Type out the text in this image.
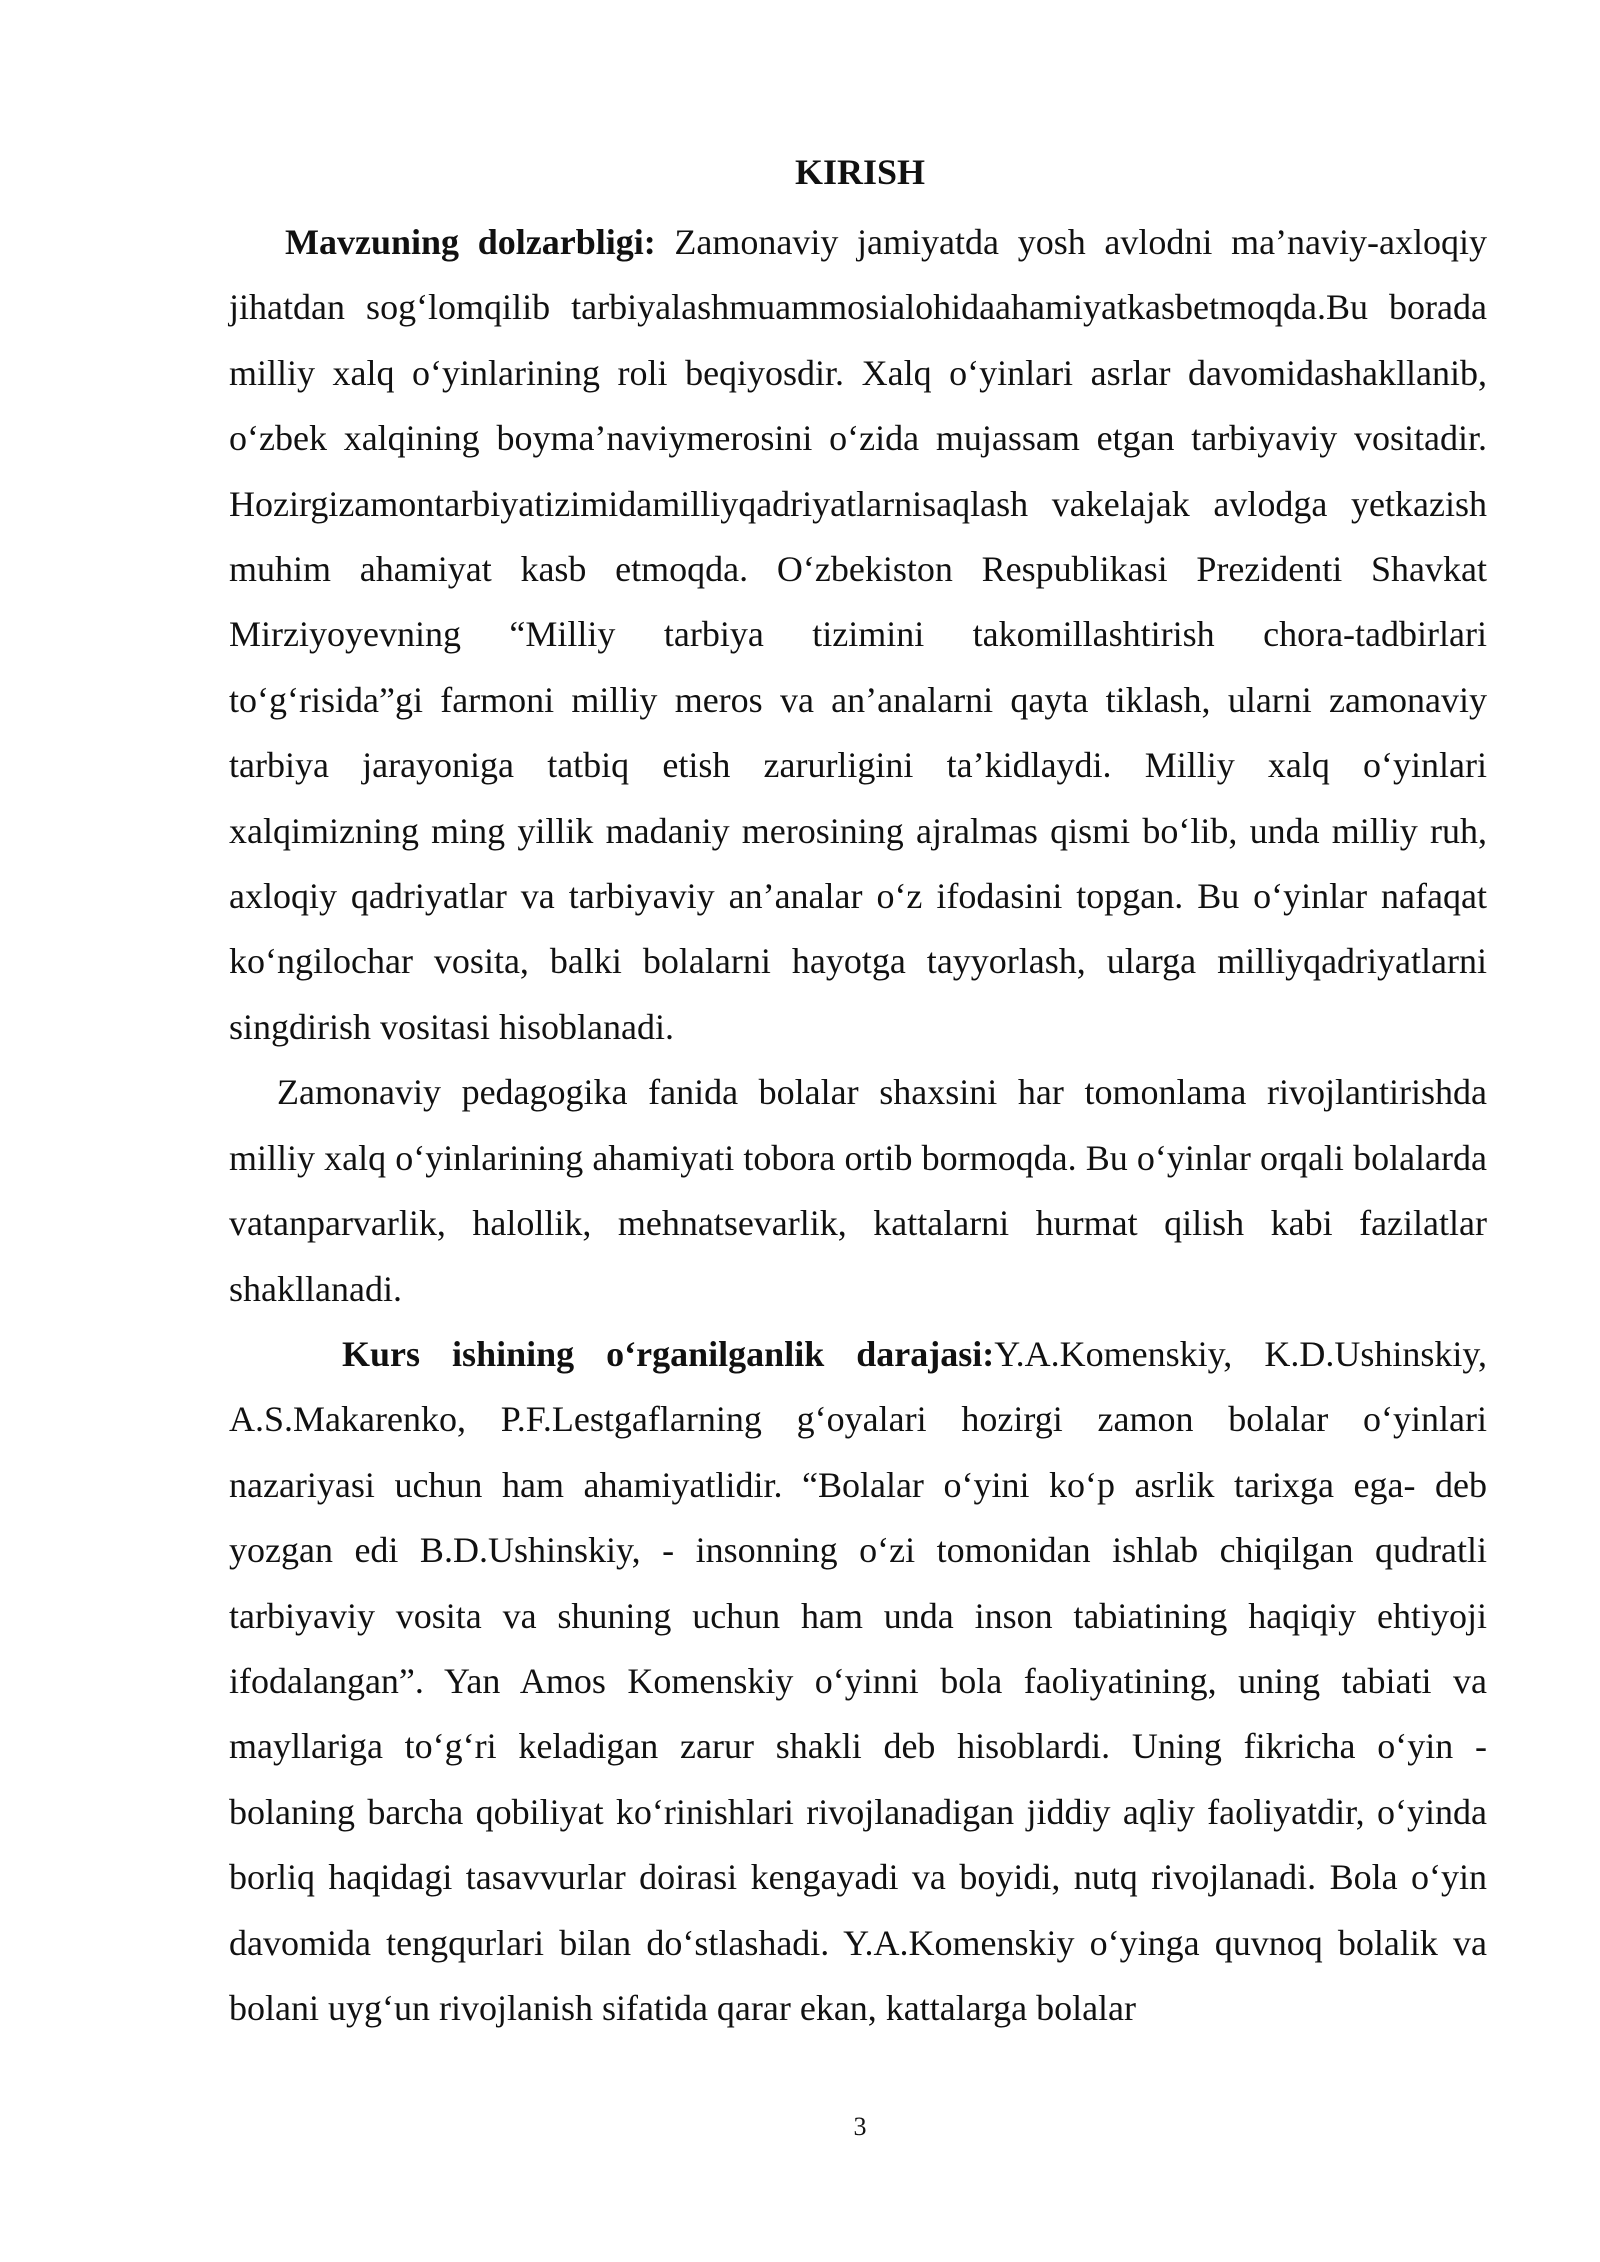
KIRISH

Mavzuning dolzarbligi: Zamonaviy jamiyatda yosh avlodni ma’naviy-axloqiy jihatdan sog‘lomqilib tarbiyalashmuammosialohidaahamiyatkasbetmoqda.Bu borada milliy xalq o‘yinlarining roli beqiyosdir. Xalq o‘yinlari asrlar davomidashakllanib, o‘zbek xalqining boyma’naviymerosini o‘zida mujassam etgan tarbiyaviy vositadir. Hozirgizamontarbiyatizimidamilliyqadriyatlarnisaqlash vakelajak avlodga yetkazish muhim ahamiyat kasb etmoqda. O‘zbekiston Respublikasi Prezidenti Shavkat Mirziyoyevning “Milliy tarbiya tizimini takomillashtirish chora-tadbirlari to‘g‘risida”gi farmoni milliy meros va an’analarni qayta tiklash, ularni zamonaviy tarbiya jarayoniga tatbiq etish zarurligini ta’kidlaydi. Milliy xalq o‘yinlari xalqimizning ming yillik madaniy merosining ajralmas qismi bo‘lib, unda milliy ruh, axloqiy qadriyatlar va tarbiyaviy an’analar o‘z ifodasini topgan. Bu o‘yinlar nafaqat ko‘ngilochar vosita, balki bolalarni hayotga tayyorlash, ularga milliyqadriyatlarni singdirish vositasi hisoblanadi.

Zamonaviy pedagogika fanida bolalar shaxsini har tomonlama rivojlantirishda milliy xalq o‘yinlarining ahamiyati tobora ortib bormoqda. Bu o‘yinlar orqali bolalarda vatanparvarlik, halollik, mehnatsevarlik, kattalarni hurmat qilish kabi fazilatlar shakllanadi.

Kurs ishining o‘rganilganlik darajasi:Y.A.Komenskiy, K.D.Ushinskiy, A.S.Makarenko, P.F.Lestgaflarning g‘oyalari hozirgi zamon bolalar o‘yinlari nazariyasi uchun ham ahamiyatlidir. “Bolalar o‘yini ko‘p asrlik tarixga ega- deb yozgan edi B.D.Ushinskiy, - insonning o‘zi tomonidan ishlab chiqilgan qudratli tarbiyaviy vosita va shuning uchun ham unda inson tabiatining haqiqiy ehtiyoji ifodalangan”. Yan Amos Komenskiy o‘yinni bola faoliyatining, uning tabiati va mayllariga to‘g‘ri keladigan zarur shakli deb hisoblardi. Uning fikricha o‘yin - bolaning barcha qobiliyat ko‘rinishlari rivojlanadigan jiddiy aqliy faoliyatdir, o‘yinda borliq haqidagi tasavvurlar doirasi kengayadi va boyidi, nutq rivojlanadi. Bola o‘yin davomida tengqurlari bilan do‘stlashadi. Y.A.Komenskiy o‘yinga quvnoq bolalik va bolani uyg‘un rivojlanish sifatida qarar ekan, kattalarga bolalar

3
